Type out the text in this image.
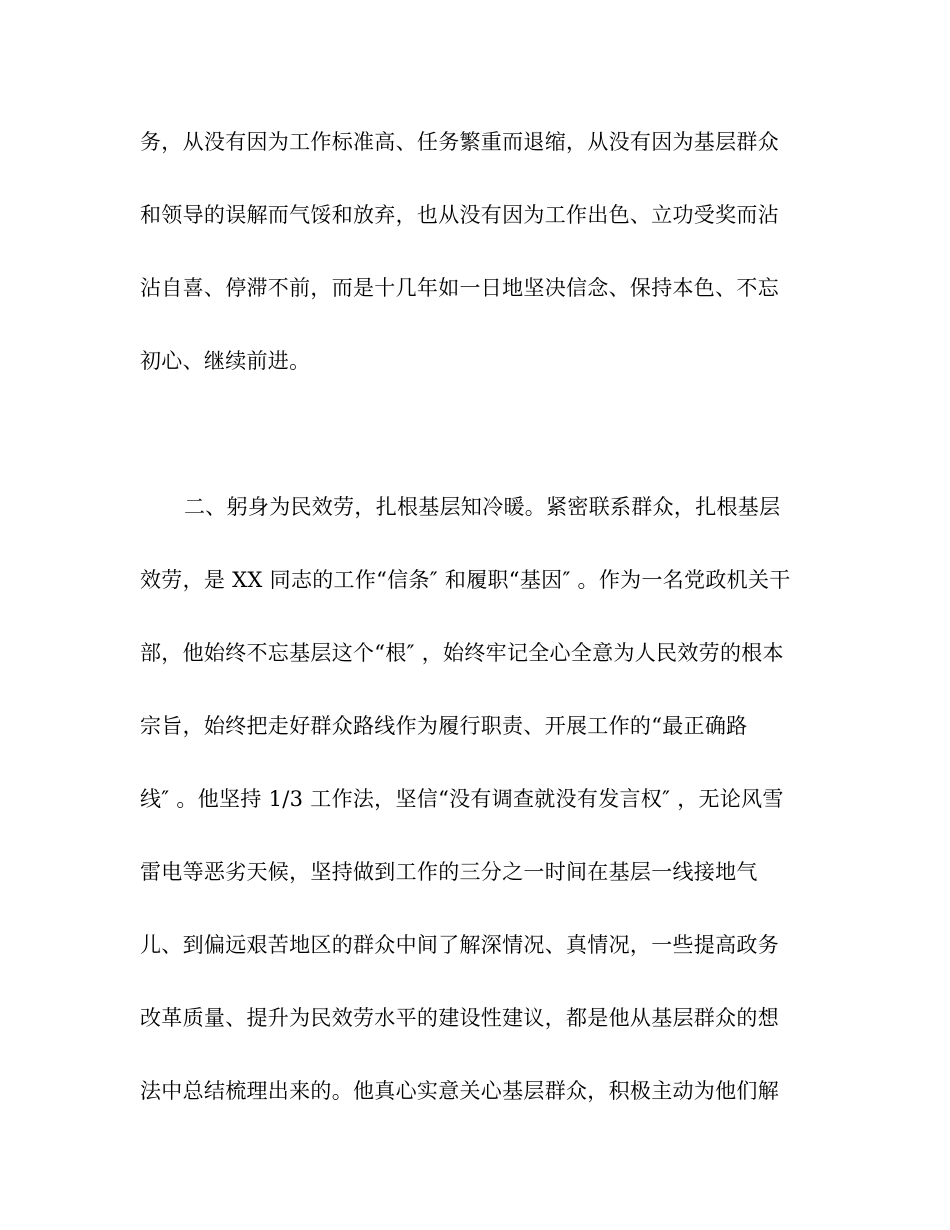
务，从没有因为工作标准高、任务繁重而退缩，从没有因为基层群众
和领导的误解而气馁和放弃，也从没有因为工作出色、立功受奖而沾
沾自喜、停滞不前，而是十几年如一日地坚决信念、保持本色、不忘
初心、继续前进。
二、躬身为民效劳，扎根基层知冷暖。紧密联系群众，扎根基层
效劳，是 XX 同志的工作“信条″ 和履职“基因″ 。作为一名党政机关干
部，他始终不忘基层这个“根″ ，始终牢记全心全意为人民效劳的根本
宗旨，始终把走好群众路线作为履行职责、开展工作的“最正确路
线″ 。他坚持 1/3 工作法，坚信“没有调查就没有发言权″ ，无论风雪
雷电等恶劣天候，坚持做到工作的三分之一时间在基层一线接地气
儿、到偏远艰苦地区的群众中间了解深情况、真情况，一些提高政务
改革质量、提升为民效劳水平的建设性建议，都是他从基层群众的想
法中总结梳理出来的。他真心实意关心基层群众，积极主动为他们解
